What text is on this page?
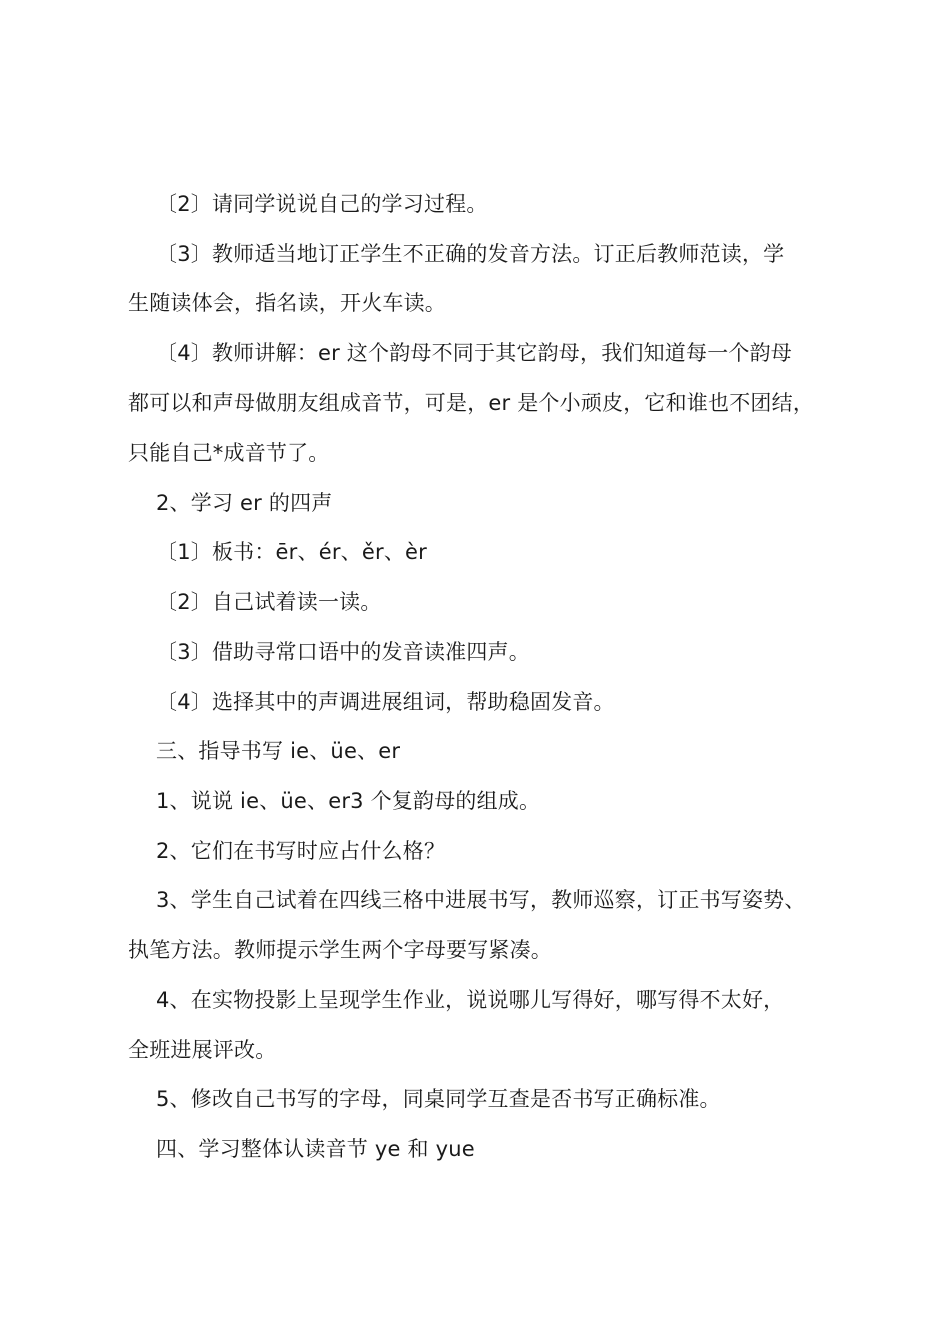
〔2〕请同学说说自己的学习过程。
〔3〕教师适当地订正学生不正确的发音方法。订正后教师范读，学
生随读体会，指名读，开火车读。
〔4〕教师讲解：er 这个韵母不同于其它韵母，我们知道每一个韵母
都可以和声母做朋友组成音节，可是，er 是个小顽皮，它和谁也不团结，
只能自己*成音节了。
2、学习 er 的四声
〔1〕板书：ēr、ér、ěr、èr
〔2〕自己试着读一读。
〔3〕借助寻常口语中的发音读准四声。
〔4〕选择其中的声调进展组词，帮助稳固发音。
三、指导书写 ie、üe、er
1、说说 ie、üe、er3 个复韵母的组成。
2、它们在书写时应占什么格？
3、学生自己试着在四线三格中进展书写，教师巡察，订正书写姿势、
执笔方法。教师提示学生两个字母要写紧凑。
4、在实物投影上呈现学生作业，说说哪儿写得好，哪写得不太好，
全班进展评改。
5、修改自己书写的字母，同桌同学互查是否书写正确标准。
四、学习整体认读音节 ye 和 yue
